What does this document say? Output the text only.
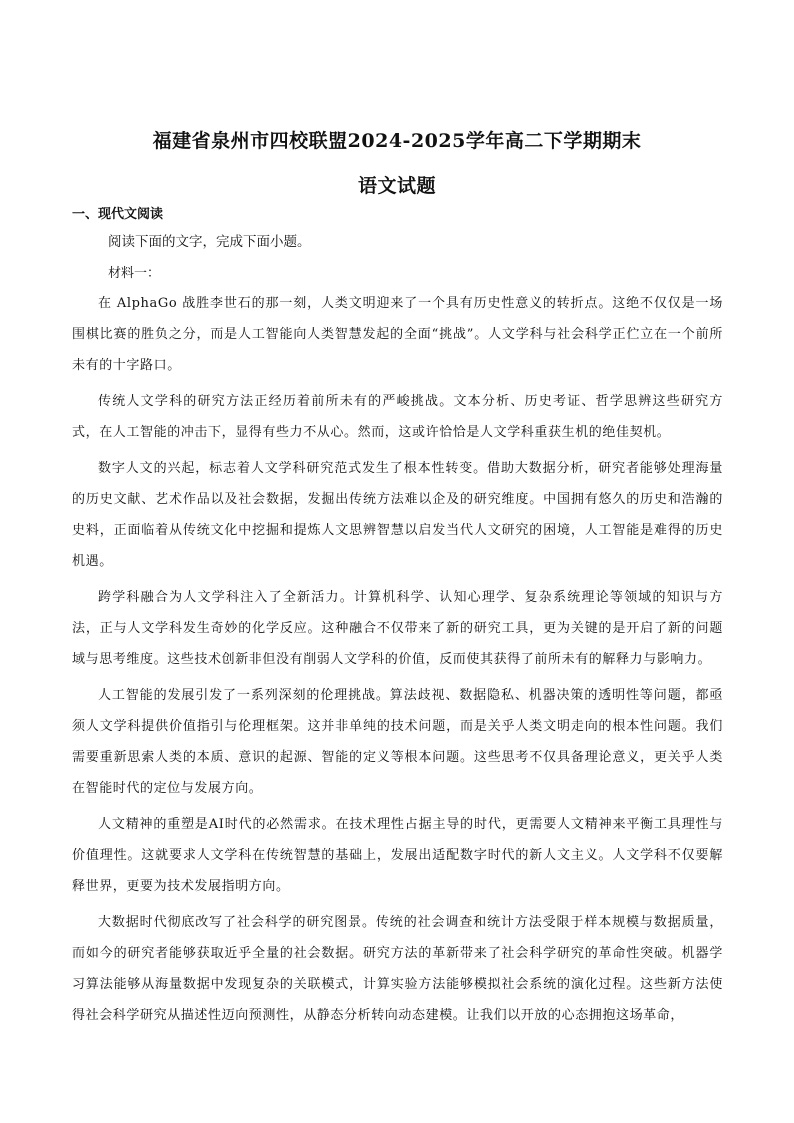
福建省泉州市四校联盟2024-2025学年高二下学期期末
语文试题

一、现代文阅读

阅读下面的文字，完成下面小题。

材料一：

在 AlphaGo 战胜李世石的那一刻，人类文明迎来了一个具有历史性意义的转折点。这绝不仅仅是一场围棋比赛的胜负之分，而是人工智能向人类智慧发起的全面“挑战”。人文学科与社会科学正伫立在一个前所未有的十字路口。

传统人文学科的研究方法正经历着前所未有的严峻挑战。文本分析、历史考证、哲学思辨这些研究方式，在人工智能的冲击下，显得有些力不从心。然而，这或许恰恰是人文学科重获生机的绝佳契机。

数字人文的兴起，标志着人文学科研究范式发生了根本性转变。借助大数据分析，研究者能够处理海量的历史文献、艺术作品以及社会数据，发掘出传统方法难以企及的研究维度。中国拥有悠久的历史和浩瀚的史料，正面临着从传统文化中挖掘和提炼人文思辨智慧以启发当代人文研究的困境，人工智能是难得的历史机遇。

跨学科融合为人文学科注入了全新活力。计算机科学、认知心理学、复杂系统理论等领域的知识与方法，正与人文学科发生奇妙的化学反应。这种融合不仅带来了新的研究工具，更为关键的是开启了新的问题域与思考维度。这些技术创新非但没有削弱人文学科的价值，反而使其获得了前所未有的解释力与影响力。

人工智能的发展引发了一系列深刻的伦理挑战。算法歧视、数据隐私、机器决策的透明性等问题，都亟须人文学科提供价值指引与伦理框架。这并非单纯的技术问题，而是关乎人类文明走向的根本性问题。我们需要重新思索人类的本质、意识的起源、智能的定义等根本问题。这些思考不仅具备理论意义，更关乎人类在智能时代的定位与发展方向。

人文精神的重塑是AI时代的必然需求。在技术理性占据主导的时代，更需要人文精神来平衡工具理性与价值理性。这就要求人文学科在传统智慧的基础上，发展出适配数字时代的新人文主义。人文学科不仅要解释世界，更要为技术发展指明方向。

大数据时代彻底改写了社会科学的研究图景。传统的社会调查和统计方法受限于样本规模与数据质量，而如今的研究者能够获取近乎全量的社会数据。研究方法的革新带来了社会科学研究的革命性突破。机器学习算法能够从海量数据中发现复杂的关联模式，计算实验方法能够模拟社会系统的演化过程。这些新方法使得社会科学研究从描述性迈向预测性，从静态分析转向动态建模。让我们以开放的心态拥抱这场革命，
